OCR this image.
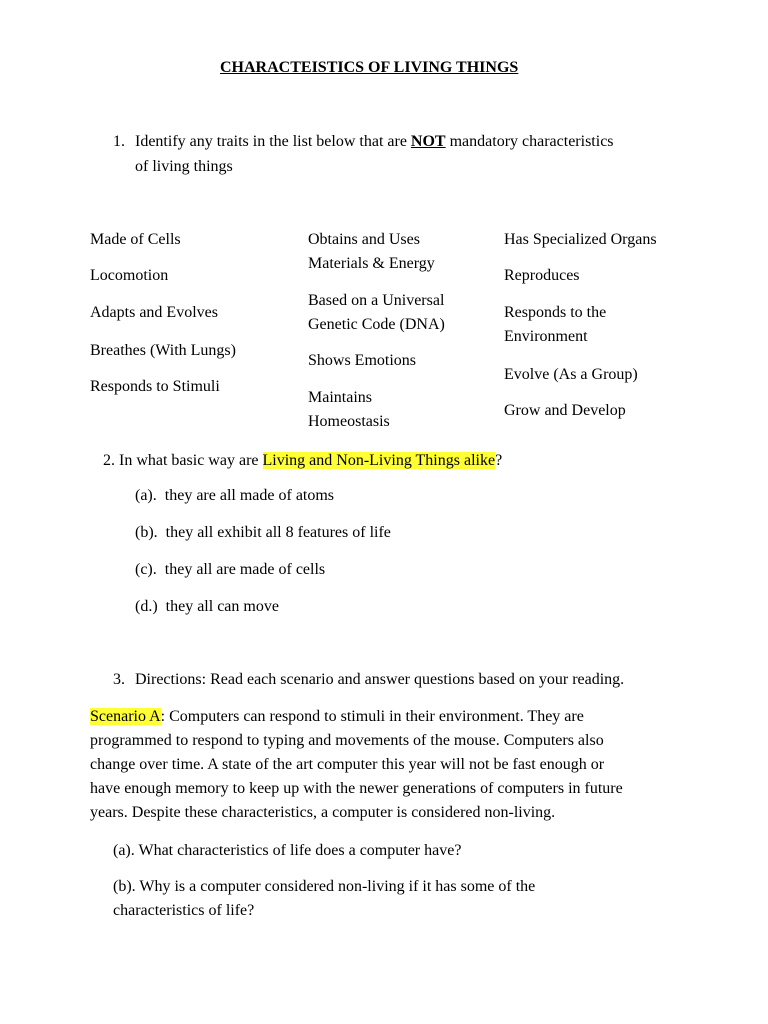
CHARACTEISTICS OF LIVING THINGS
1. Identify any traits in the list below that are NOT mandatory characteristics
of living things
Made of Cells
Locomotion
Adapts and Evolves
Breathes (With Lungs)
Responds to Stimuli
Obtains and Uses
Materials & Energy
Based on a Universal
Genetic Code (DNA)
Shows Emotions
Maintains
Homeostasis
Has Specialized Organs
Reproduces
Responds to the
Environment
Evolve (As a Group)
Grow and Develop
2. In what basic way are Living and Non-Living Things alike?
(a). they are all made of atoms
(b). they all exhibit all 8 features of life
(c). they all are made of cells
(d.) they all can move
3. Directions: Read each scenario and answer questions based on your reading.
Scenario A: Computers can respond to stimuli in their environment. They are
programmed to respond to typing and movements of the mouse. Computers also
change over time. A state of the art computer this year will not be fast enough or
have enough memory to keep up with the newer generations of computers in future
years. Despite these characteristics, a computer is considered non-living.
(a). What characteristics of life does a computer have?
(b). Why is a computer considered non-living if it has some of the
characteristics of life?
